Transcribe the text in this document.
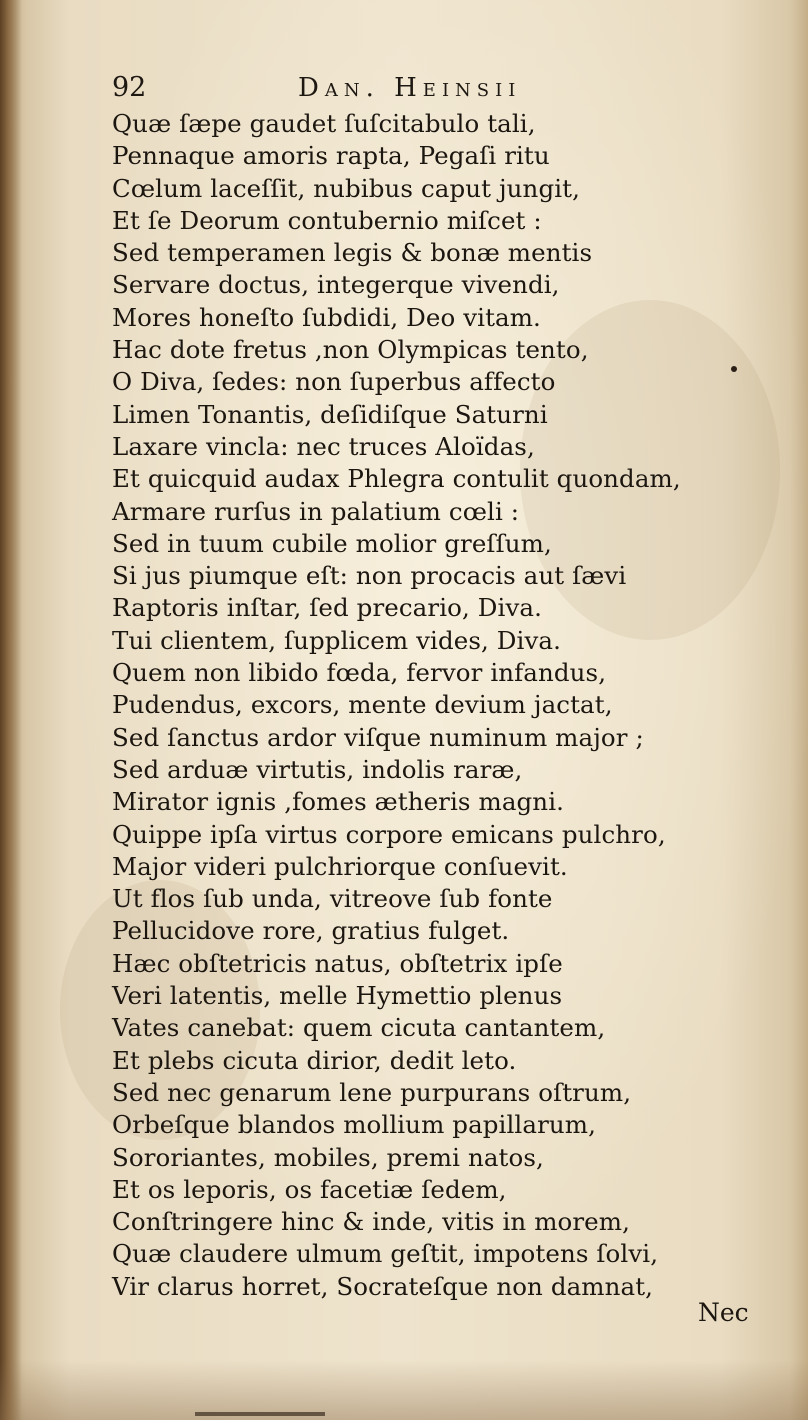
92	Dan. Heinsii
Quæ ſæpe gaudet ſuſcitabulo tali,
Pennaque amoris rapta, Pegaſi ritu
Cœlum laceſſit, nubibus caput jungit,
Et ſe Deorum contubernio miſcet :
Sed temperamen legis & bonæ mentis
Servare doctus, integerque vivendi,
Mores honeſto ſubdidi, Deo vitam.
Hac dote fretus ,non Olympicas tento,
O Diva, ſedes: non ſuperbus affecto
Limen Tonantis, deſidiſque Saturni
Laxare vincla: nec truces Aloïdas,
Et quicquid audax Phlegra contulit quondam,
Armare rurſus in palatium cœli :
Sed in tuum cubile molior greſſum,
Si jus piumque eſt: non procacis aut ſævi
Raptoris inſtar, ſed precario, Diva.
Tui clientem, ſupplicem vides, Diva.
Quem non libido fœda, fervor infandus,
Pudendus, excors, mente devium jactat,
Sed ſanctus ardor viſque numinum major ;
Sed arduæ virtutis, indolis raræ,
Mirator ignis ,fomes ætheris magni.
Quippe ipſa virtus corpore emicans pulchro,
Major videri pulchriorque conſuevit.
Ut flos ſub unda, vitreove ſub fonte
Pellucidove rore, gratius fulget.
Hæc obſtetricis natus, obſtetrix ipſe
Veri latentis, melle Hymettio plenus
Vates canebat: quem cicuta cantantem,
Et plebs cicuta dirior, dedit leto.
Sed nec genarum lene purpurans oſtrum,
Orbeſque blandos mollium papillarum,
Sororiantes, mobiles, premi natos,
Et os leporis, os facetiæ ſedem,
Conſtringere hinc & inde, vitis in morem,
Quæ claudere ulmum geſtit, impotens ſolvi,
Vir clarus horret, Socrateſque non damnat,
Nec
